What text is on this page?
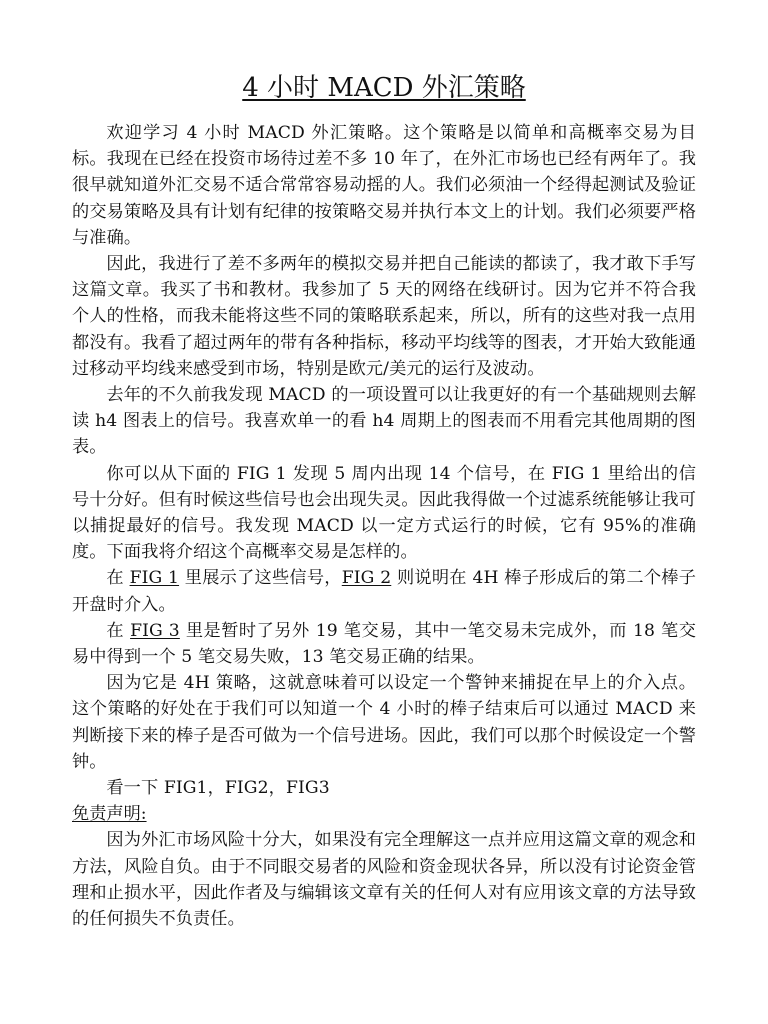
4 小时 MACD 外汇策略

欢迎学习 4 小时 MACD 外汇策略。这个策略是以简单和高概率交易为目标。我现在已经在投资市场待过差不多 10 年了，在外汇市场也已经有两年了。我很早就知道外汇交易不适合常常容易动摇的人。我们必须油一个经得起测试及验证的交易策略及具有计划有纪律的按策略交易并执行本文上的计划。我们必须要严格与准确。

因此，我进行了差不多两年的模拟交易并把自己能读的都读了，我才敢下手写这篇文章。我买了书和教材。我参加了 5 天的网络在线研讨。因为它并不符合我个人的性格，而我未能将这些不同的策略联系起来，所以，所有的这些对我一点用都没有。我看了超过两年的带有各种指标，移动平均线等的图表，才开始大致能通过移动平均线来感受到市场，特别是欧元/美元的运行及波动。

去年的不久前我发现 MACD 的一项设置可以让我更好的有一个基础规则去解读 h4 图表上的信号。我喜欢单一的看 h4 周期上的图表而不用看完其他周期的图表。

你可以从下面的 FIG 1 发现 5 周内出现 14 个信号，在 FIG 1 里给出的信号十分好。但有时候这些信号也会出现失灵。因此我得做一个过滤系统能够让我可以捕捉最好的信号。我发现 MACD 以一定方式运行的时候，它有 95%的准确度。下面我将介绍这个高概率交易是怎样的。

在 FIG 1 里展示了这些信号，FIG 2 则说明在 4H 棒子形成后的第二个棒子开盘时介入。

在 FIG 3 里是暂时了另外 19 笔交易，其中一笔交易未完成外，而 18 笔交易中得到一个 5 笔交易失败，13 笔交易正确的结果。

因为它是 4H 策略，这就意味着可以设定一个警钟来捕捉在早上的介入点。这个策略的好处在于我们可以知道一个 4 小时的棒子结束后可以通过 MACD 来判断接下来的棒子是否可做为一个信号进场。因此，我们可以那个时候设定一个警钟。

看一下 FIG1，FIG2，FIG3

免责声明:

因为外汇市场风险十分大，如果没有完全理解这一点并应用这篇文章的观念和方法，风险自负。由于不同眼交易者的风险和资金现状各异，所以没有讨论资金管理和止损水平，因此作者及与编辑该文章有关的任何人对有应用该文章的方法导致的任何损失不负责任。
